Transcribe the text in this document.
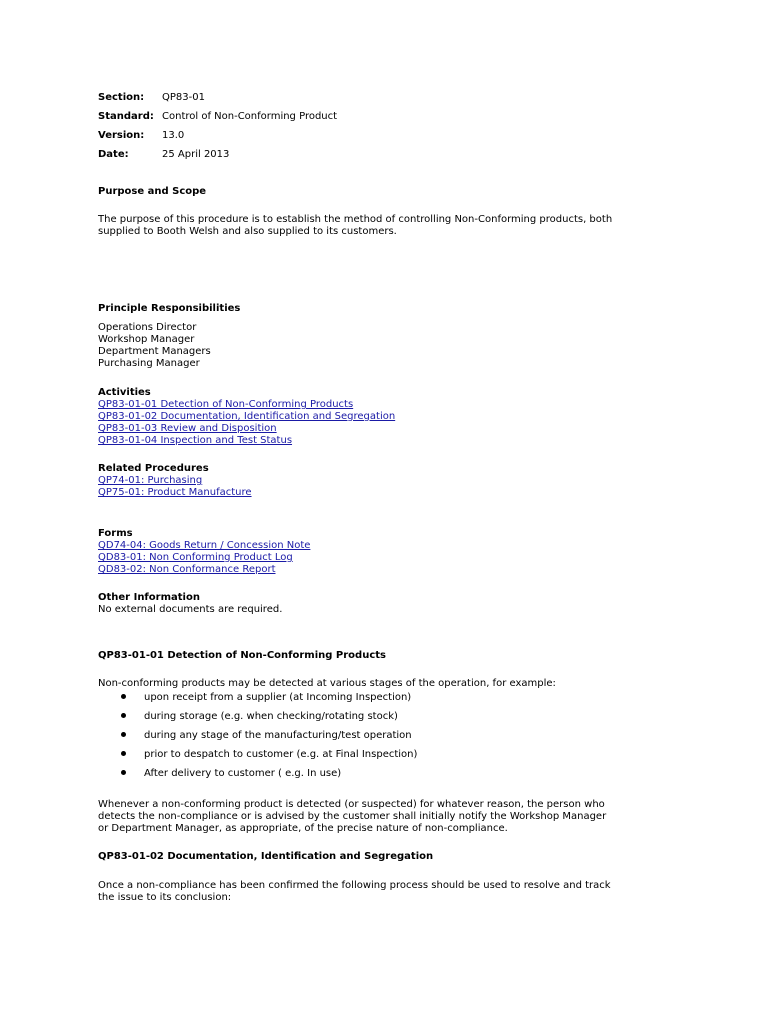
Section: QP83-01
Standard: Control of Non-Conforming Product
Version: 13.0
Date:	25 April 2013
Purpose and Scope
The purpose of this procedure is to establish the method of controlling Non-Conforming products, both supplied to Booth Welsh and also supplied to its customers.
Principle Responsibilities
Operations Director
Workshop Manager
Department Managers
Purchasing Manager
Activities
QP83-01-01 Detection of Non-Conforming Products
QP83-01-02 Documentation, Identification and Segregation
QP83-01-03 Review and Disposition
QP83-01-04 Inspection and Test Status
Related Procedures
QP74-01: Purchasing
QP75-01: Product Manufacture
Forms
QD74-04: Goods Return / Concession Note
QD83-01: Non Conforming Product Log
QD83-02: Non Conformance Report
Other Information
No external documents are required.
QP83-01-01 Detection of Non-Conforming Products
Non-conforming products may be detected at various stages of the operation, for example:
upon receipt from a supplier (at Incoming Inspection)
during storage (e.g. when checking/rotating stock)
during any stage of the manufacturing/test operation
prior to despatch to customer (e.g. at Final Inspection)
After delivery to customer ( e.g. In use)
Whenever a non-conforming product is detected (or suspected) for whatever reason, the person who detects the non-compliance or is advised by the customer shall initially notify the Workshop Manager or Department Manager, as appropriate, of the precise nature of non-compliance.
QP83-01-02 Documentation, Identification and Segregation
Once a non-compliance has been confirmed the following process should be used to resolve and track the issue to its conclusion:
